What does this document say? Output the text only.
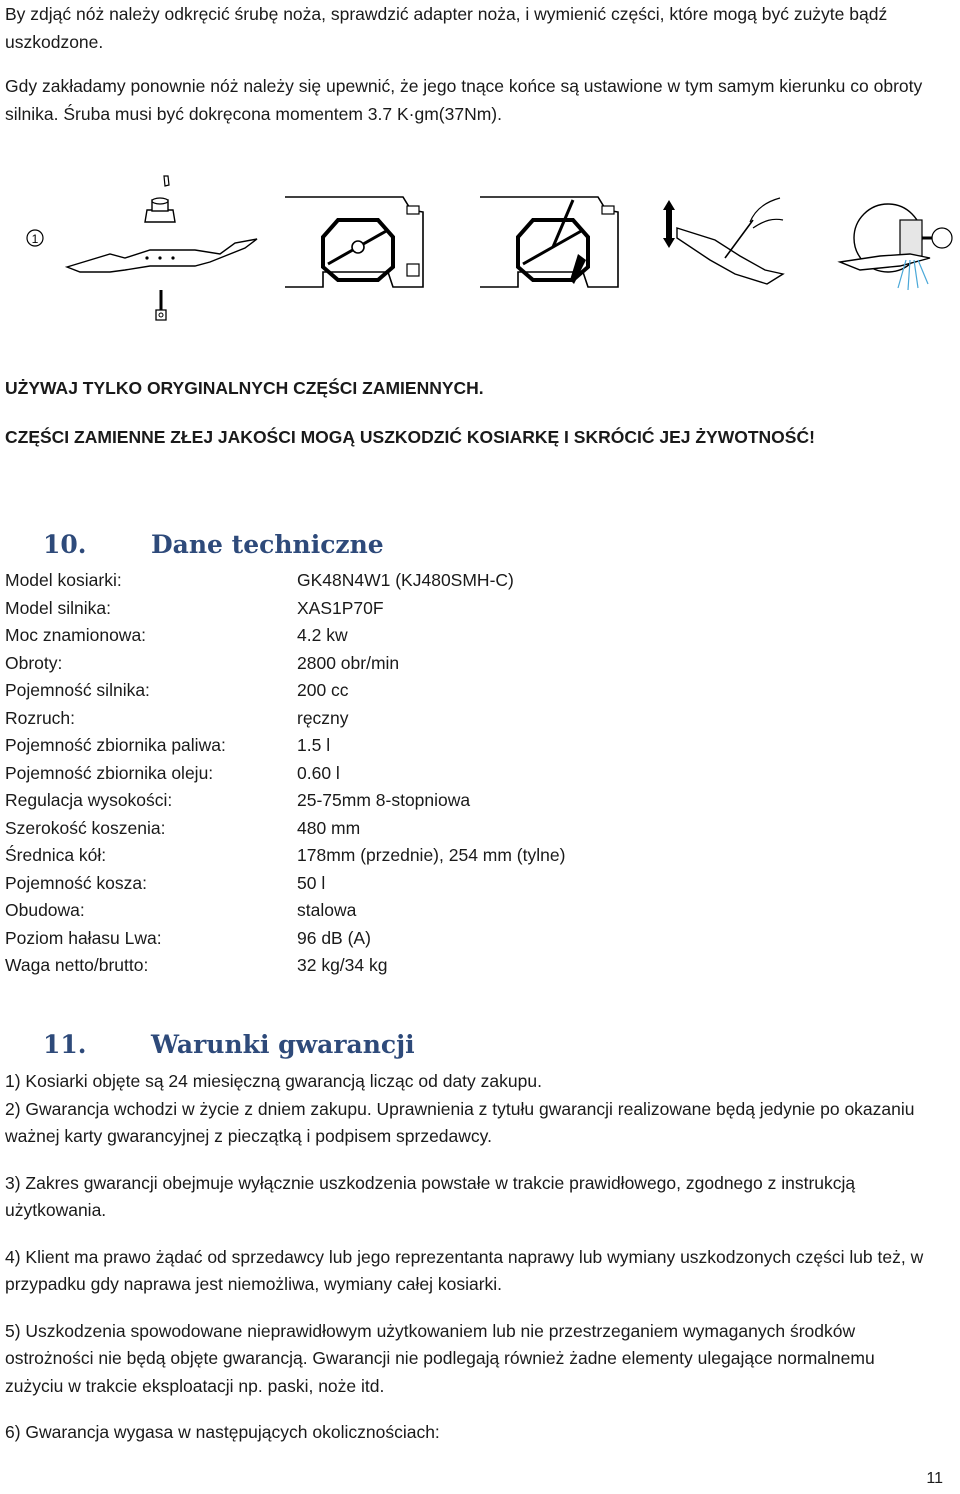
By zdjąć nóż należy odkręcić śrubę noża, sprawdzić adapter noża, i wymienić części, które mogą być zużyte bądź uszkodzone.

Gdy zakładamy ponownie nóż należy się upewnić, że jego tnące końce są ustawione w tym samym kierunku co obroty silnika. Śruba musi być dokręcona momentem 3.7 K·gm(37Nm).

1

UŻYWAJ TYLKO ORYGINALNYCH CZĘŚCI ZAMIENNYCH.

CZĘŚCI ZAMIENNE ZŁEJ JAKOŚCI MOGĄ USZKODZIĆ KOSIARKĘ I SKRÓCIĆ JEJ ŻYWOTNOŚĆ!

10.	Dane techniczne
Model kosiarki:	GK48N4W1 (KJ480SMH-C)
Model silnika:	XAS1P70F
Moc znamionowa:	4.2 kw
Obroty:	2800 obr/min
Pojemność silnika:	200 cc
Rozruch:	ręczny
Pojemność zbiornika paliwa:	1.5 l
Pojemność zbiornika oleju:	0.60 l
Regulacja wysokości:	25-75mm 8-stopniowa
Szerokość koszenia:	480 mm
Średnica kół:	178mm (przednie), 254 mm (tylne)
Pojemność kosza:	50 l
Obudowa:	stalowa
Poziom hałasu Lwa:	96 dB (A)
Waga netto/brutto:	32 kg/34 kg
11.	Warunki gwarancji

1) Kosiarki objęte są 24 miesięczną gwarancją licząc od daty zakupu.

2) Gwarancja wchodzi w życie z dniem zakupu. Uprawnienia z tytułu gwarancji realizowane będą jedynie po okazaniu ważnej karty gwarancyjnej z pieczątką i podpisem sprzedawcy.

3) Zakres gwarancji obejmuje wyłącznie uszkodzenia powstałe w trakcie prawidłowego, zgodnego z instrukcją użytkowania.

4) Klient ma prawo żądać od sprzedawcy lub jego reprezentanta naprawy lub wymiany uszkodzonych części lub też, w przypadku gdy naprawa jest niemożliwa, wymiany całej kosiarki.

5) Uszkodzenia spowodowane nieprawidłowym użytkowaniem lub nie przestrzeganiem wymaganych środków ostrożności nie będą objęte gwarancją. Gwarancji nie podlegają również żadne elementy ulegające normalnemu zużyciu w trakcie eksploatacji np. paski, noże itd.

6) Gwarancja wygasa w następujących okolicznościach:

11
